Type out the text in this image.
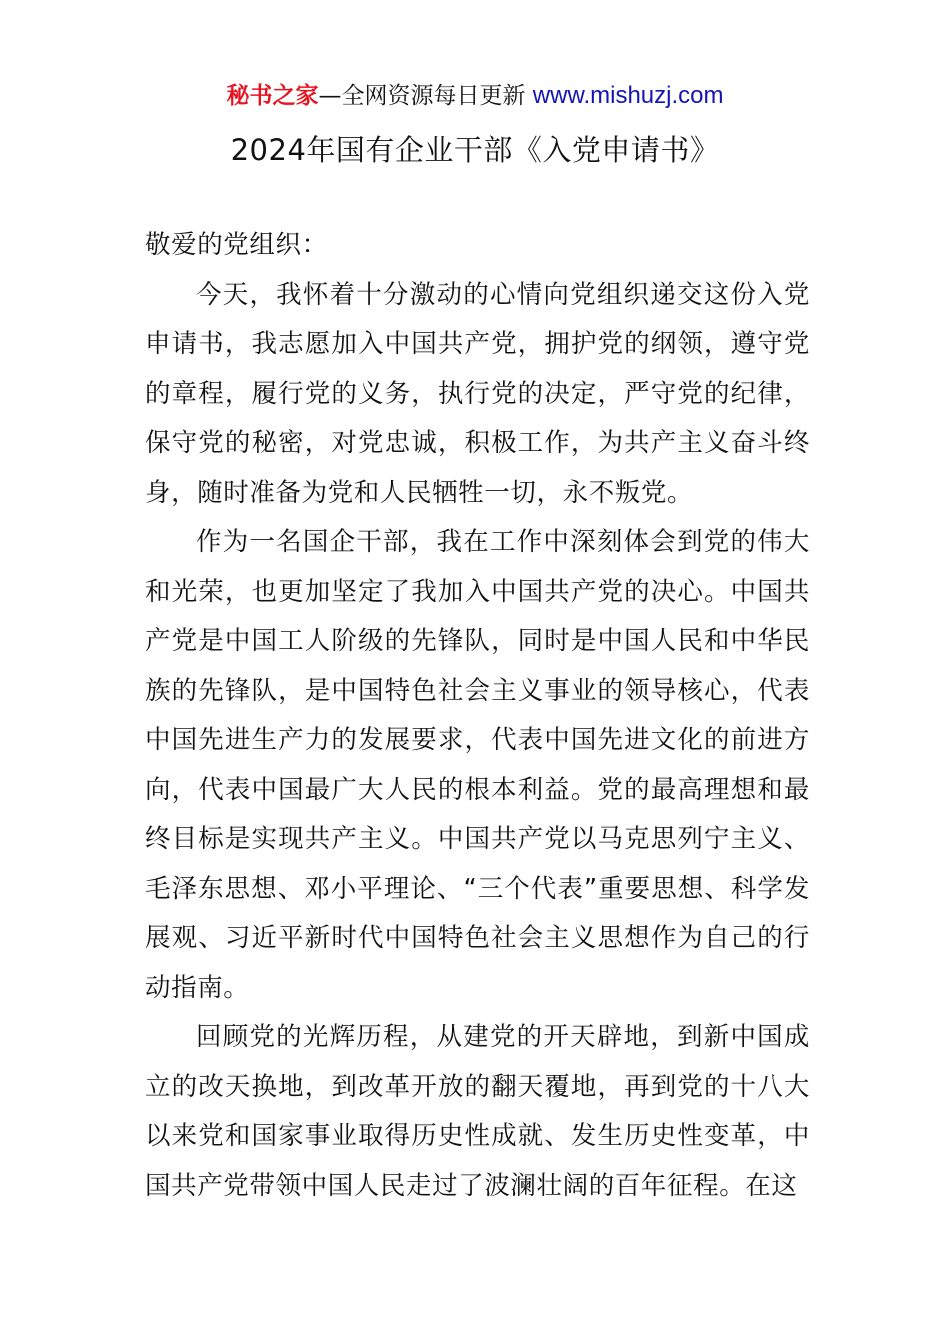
秘书之家—全网资源每日更新 www.mishuzj.com
2024年国有企业干部《入党申请书》

敬爱的党组织：

今天，我怀着十分激动的心情向党组织递交这份入党申请书，我志愿加入中国共产党，拥护党的纲领，遵守党的章程，履行党的义务，执行党的决定，严守党的纪律，保守党的秘密，对党忠诚，积极工作，为共产主义奋斗终身，随时准备为党和人民牺牲一切，永不叛党。

作为一名国企干部，我在工作中深刻体会到党的伟大和光荣，也更加坚定了我加入中国共产党的决心。中国共产党是中国工人阶级的先锋队，同时是中国人民和中华民族的先锋队，是中国特色社会主义事业的领导核心，代表中国先进生产力的发展要求，代表中国先进文化的前进方向，代表中国最广大人民的根本利益。党的最高理想和最终目标是实现共产主义。中国共产党以马克思列宁主义、毛泽东思想、邓小平理论、“三个代表”重要思想、科学发展观、习近平新时代中国特色社会主义思想作为自己的行动指南。

回顾党的光辉历程，从建党的开天辟地，到新中国成立的改天换地，到改革开放的翻天覆地，再到党的十八大以来党和国家事业取得历史性成就、发生历史性变革，中国共产党带领中国人民走过了波澜壮阔的百年征程。在这
